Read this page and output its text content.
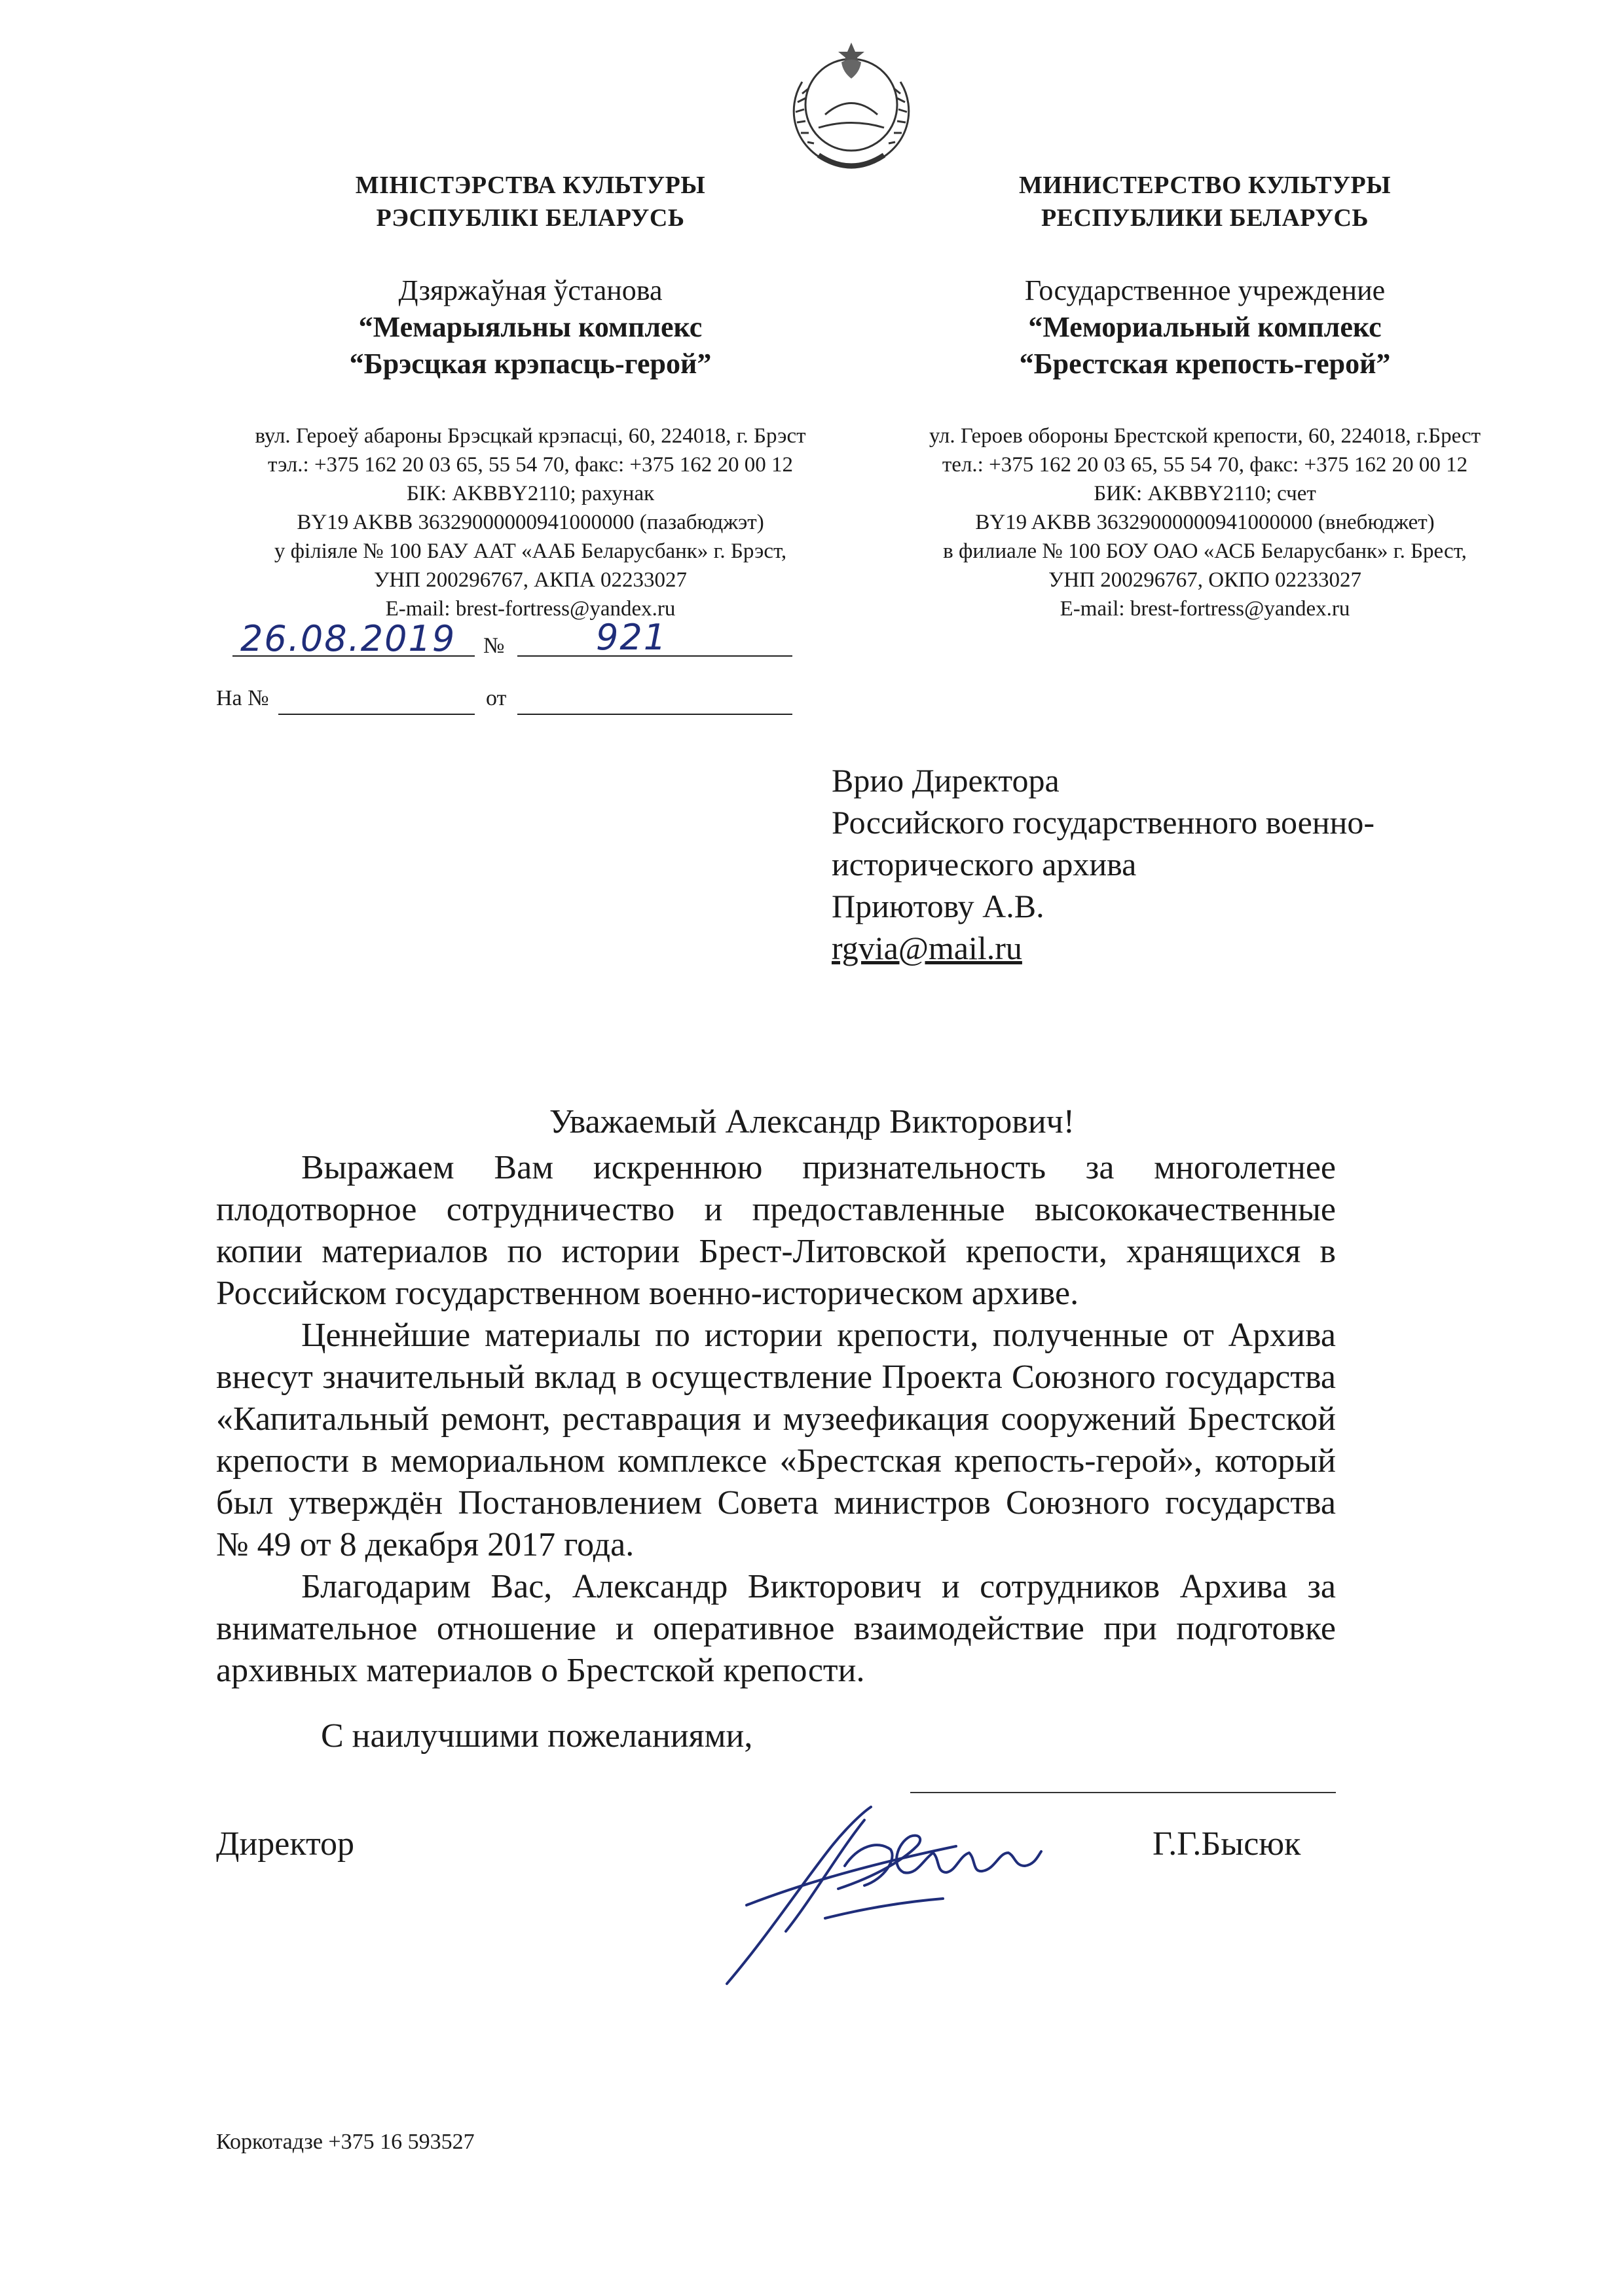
МІНІСТЭРСТВА КУЛЬТУРЫ
РЭСПУБЛІКІ БЕЛАРУСЬ
Дзяржаўная ўстанова
“Мемарыяльны комплекс
“Брэсцкая крэпасць-герой”
вул. Героеў абароны Брэсцкай крэпасці, 60, 224018, г. Брэст
тэл.: +375 162 20 03 65, 55 54 70, факс: +375 162 20 00 12
БІК: AKBBY2110; рахунак
BY19 AKBB 36329000000941000000 (пазабюджэт)
у філіяле № 100 БАУ ААТ «ААБ Беларусбанк» г. Брэст,
УНП 200296767, АКПА 02233027
E-mail: brest-fortress@yandex.ru
МИНИСТЕРСТВО КУЛЬТУРЫ
РЕСПУБЛИКИ БЕЛАРУСЬ
Государственное учреждение
“Мемориальный комплекс
“Брестская крепость-герой”
ул. Героев обороны Брестской крепости, 60, 224018, г.Брест
тел.: +375 162 20 03 65, 55 54 70, факс: +375 162 20 00 12
БИК: AKBBY2110; счет
BY19 AKBB 36329000000941000000 (внебюджет)
в филиале № 100 БОУ ОАО «АСБ Беларусбанк» г. Брест,
УНП 200296767, ОКПО 02233027
E-mail: brest-fortress@yandex.ru
26.08.2019 №	921
На №	от
Врио Директора
Российского государственного военно-
исторического архива
Приютову А.В.
rgvia@mail.ru
Уважаемый Александр Викторович!

Выражаем Вам искреннюю признательность за многолетнее плодотворное сотрудничество и предоставленные высококачественные копии материалов по истории Брест-Литовской крепости, хранящихся в Российском государственном военно-историческом архиве.

Ценнейшие материалы по истории крепости, полученные от Архива внесут значительный вклад в осуществление Проекта Союзного государства «Капитальный ремонт, реставрация и музеефикация сооружений Брестской крепости в мемориальном комплексе «Брестская крепость-герой», который был утверждён Постановлением Совета министров Союзного государства № 49 от 8 декабря 2017 года.

Благодарим Вас, Александр Викторович и сотрудников Архива за внимательное отношение и оперативное взаимодействие при подготовке архивных материалов о Брестской крепости.

С наилучшими пожеланиями,
Директор	Г.Г.Бысюк
Коркотадзе +375 16 593527
